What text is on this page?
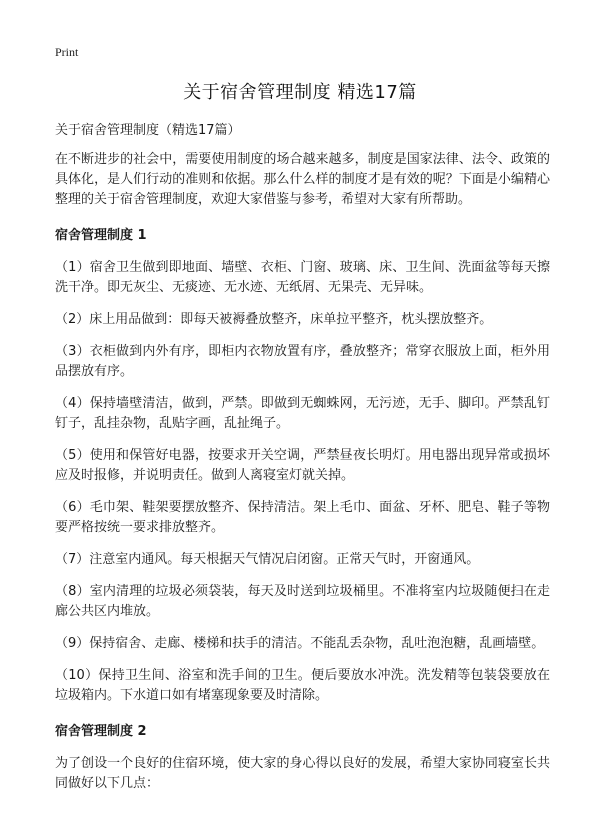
Print
关于宿舍管理制度 精选17篇
关于宿舍管理制度（精选17篇）

在不断进步的社会中，需要使用制度的场合越来越多，制度是国家法律、法令、政策的具体化，是人们行动的准则和依据。那么什么样的制度才是有效的呢？下面是小编精心整理的关于宿舍管理制度，欢迎大家借鉴与参考，希望对大家有所帮助。

宿舍管理制度 1

（1）宿舍卫生做到即地面、墙壁、衣柜、门窗、玻璃、床、卫生间、洗面盆等每天擦洗干净。即无灰尘、无痰迹、无水迹、无纸屑、无果壳、无异味。

（2）床上用品做到：即每天被褥叠放整齐，床单拉平整齐，枕头摆放整齐。

（3）衣柜做到内外有序，即柜内衣物放置有序，叠放整齐；常穿衣服放上面，柜外用品摆放有序。

（4）保持墙壁清洁，做到，严禁。即做到无蜘蛛网，无污迹，无手、脚印。严禁乱钉钉子，乱挂杂物，乱贴字画，乱扯绳子。

（5）使用和保管好电器，按要求开关空调，严禁昼夜长明灯。用电器出现异常或损坏应及时报修，并说明责任。做到人离寝室灯就关掉。

（6）毛巾架、鞋架要摆放整齐、保持清洁。架上毛巾、面盆、牙杯、肥皂、鞋子等物要严格按统一要求排放整齐。

（7）注意室内通风。每天根据天气情况启闭窗。正常天气时，开窗通风。

（8）室内清理的垃圾必须袋装，每天及时送到垃圾桶里。不准将室内垃圾随便扫在走廊公共区内堆放。

（9）保持宿舍、走廊、楼梯和扶手的清洁。不能乱丢杂物，乱吐泡泡糖，乱画墙壁。

（10）保持卫生间、浴室和洗手间的卫生。便后要放水冲洗。洗发精等包装袋要放在垃圾箱内。下水道口如有堵塞现象要及时清除。

宿舍管理制度 2

为了创设一个良好的住宿环境，使大家的身心得以良好的发展，希望大家协同寝室长共同做好以下几点：
